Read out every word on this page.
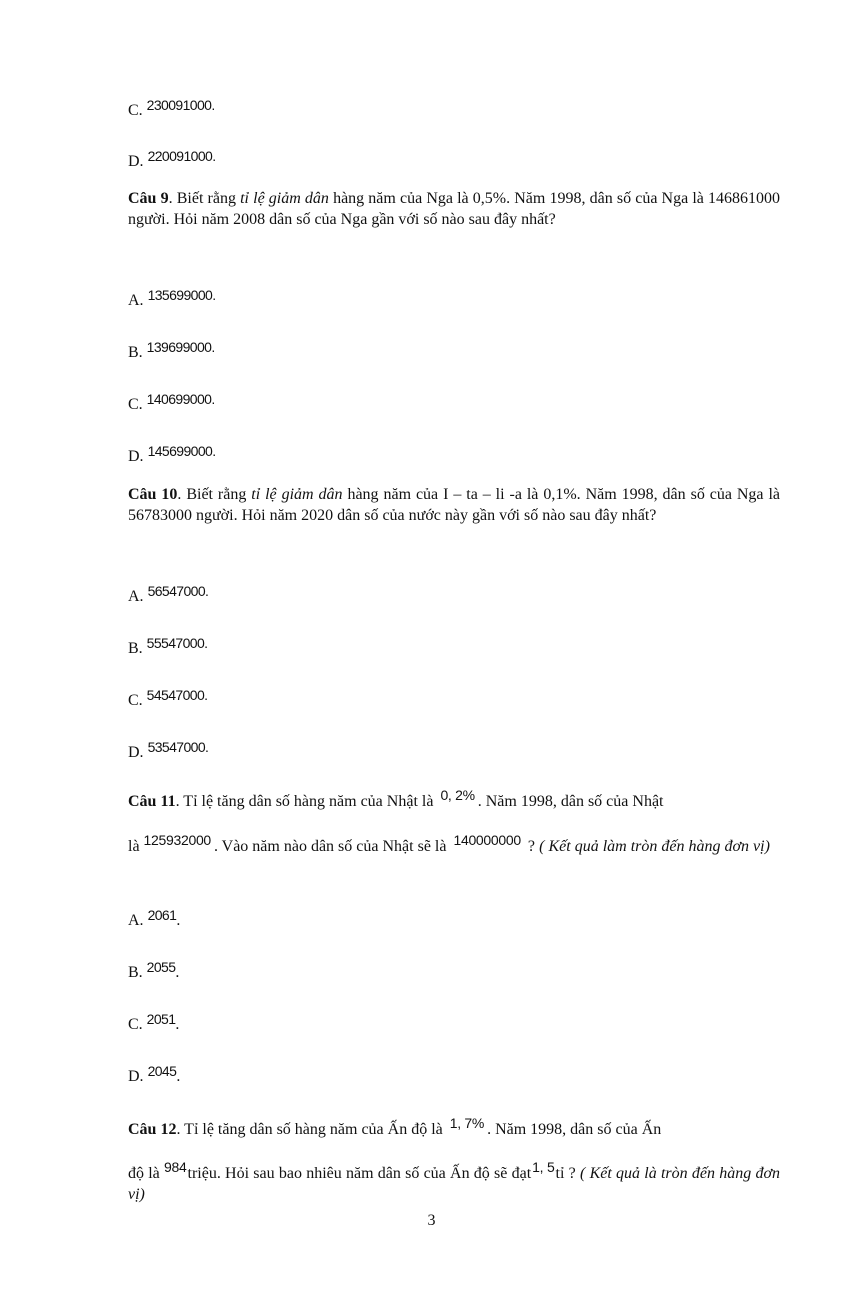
C. 230091000.
D. 220091000.
Câu 9. Biết rằng tỉ lệ giảm dân hàng năm của Nga là 0,5%. Năm 1998, dân số của Nga là 146861000 người. Hỏi năm 2008 dân số của Nga gần với số nào sau đây nhất?
A. 135699000.
B. 139699000.
C. 140699000.
D. 145699000.
Câu 10. Biết rằng tỉ lệ giảm dân hàng năm của I – ta – li -a là 0,1%. Năm 1998, dân số của Nga là 56783000 người. Hỏi năm 2020 dân số của nước này gần với số nào sau đây nhất?
A. 56547000.
B. 55547000.
C. 54547000.
D. 53547000.
Câu 11. Tỉ lệ tăng dân số hàng năm của Nhật là 0, 2% . Năm 1998, dân số của Nhật
là 125932000 . Vào năm nào dân số của Nhật sẽ là 140000000 ? ( Kết quả làm tròn đến hàng đơn vị)
A. 2061.
B. 2055.
C. 2051.
D. 2045.
Câu 12. Tỉ lệ tăng dân số hàng năm của Ấn độ là 1, 7% . Năm 1998, dân số của Ấn
độ là 984triệu. Hỏi sau bao nhiêu năm dân số của Ấn độ sẽ đạt1, 5tỉ ? ( Kết quả là tròn đến hàng đơn vị)
3
